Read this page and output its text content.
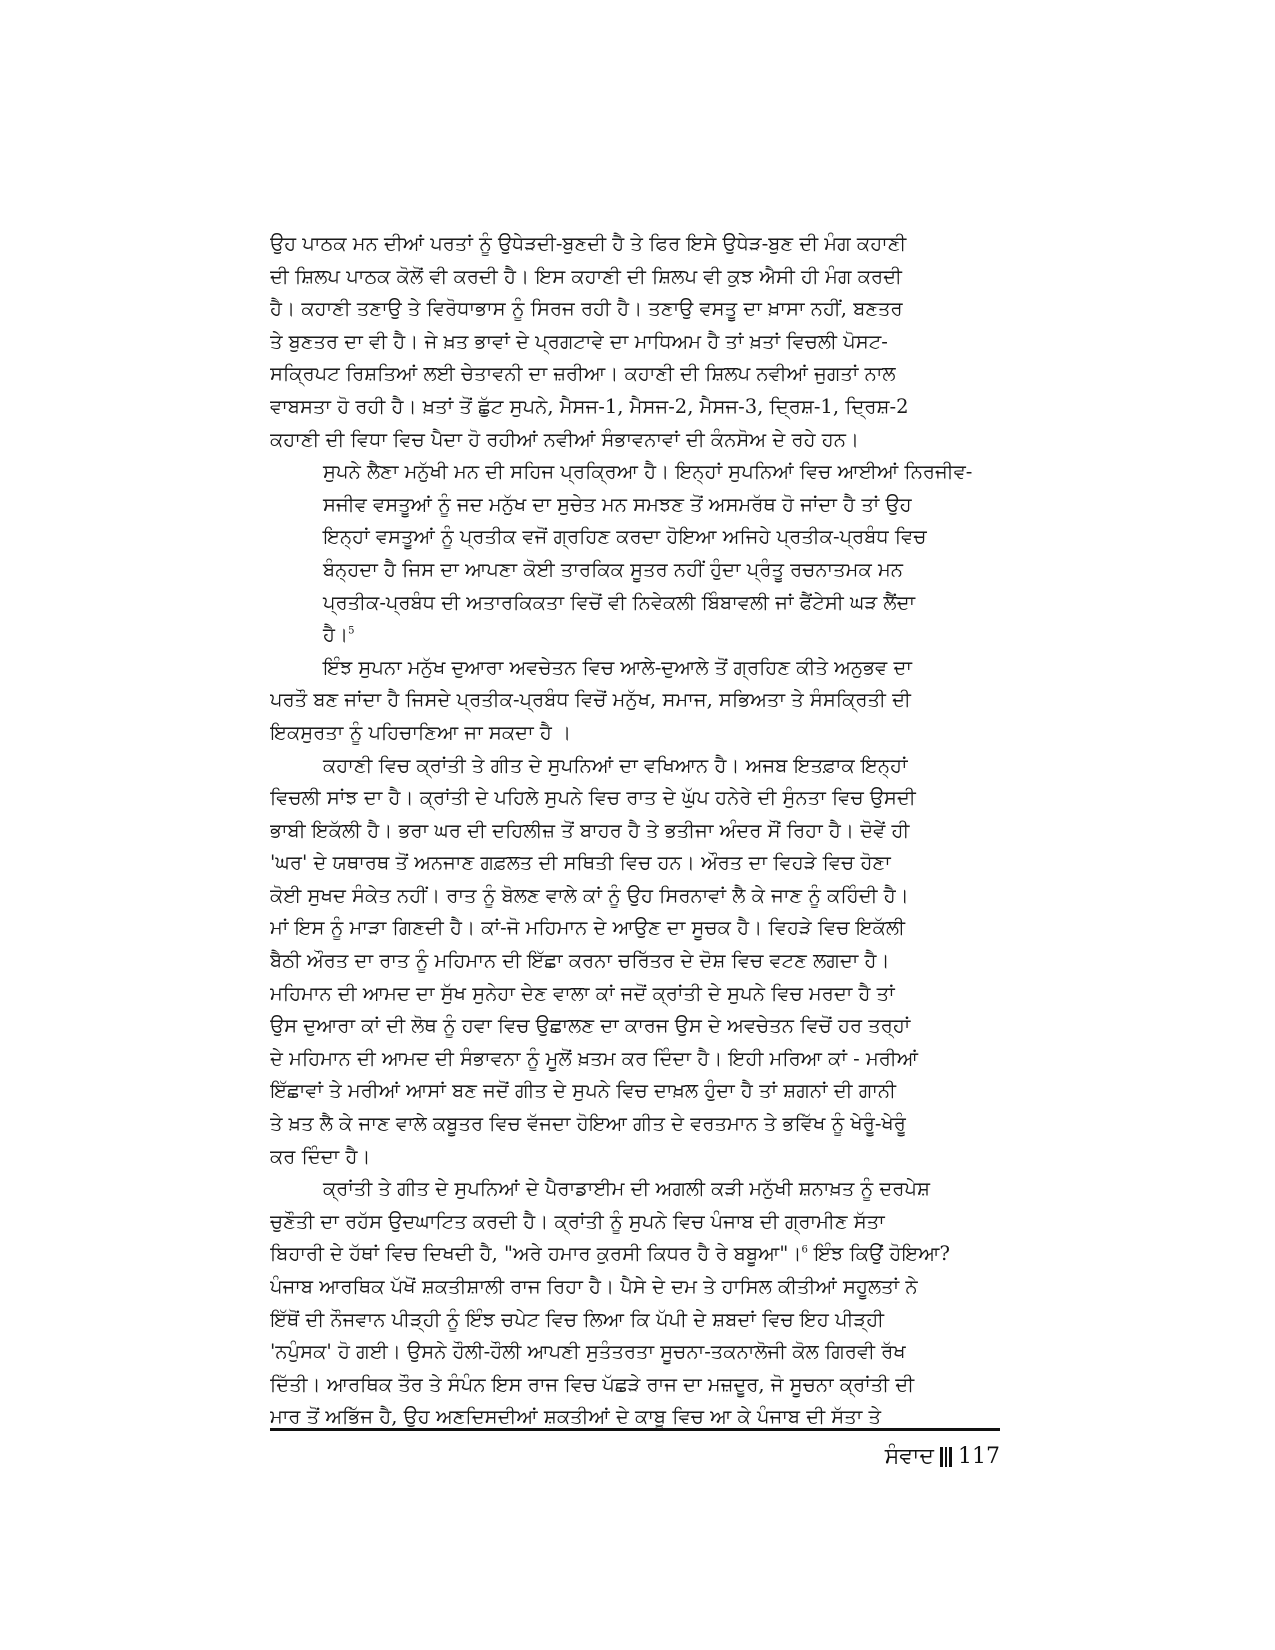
ਉਹ ਪਾਠਕ ਮਨ ਦੀਆਂ ਪਰਤਾਂ ਨੂੰ ਉਧੇੜਦੀ-ਬੁਣਦੀ ਹੈ ਤੇ ਫਿਰ ਇਸੇ ਉਧੇੜ-ਬੁਣ ਦੀ ਮੰਗ ਕਹਾਣੀ
ਦੀ ਸ਼ਿਲਪ ਪਾਠਕ ਕੋਲੋਂ ਵੀ ਕਰਦੀ ਹੈ। ਇਸ ਕਹਾਣੀ ਦੀ ਸ਼ਿਲਪ ਵੀ ਕੁਝ ਐਸੀ ਹੀ ਮੰਗ ਕਰਦੀ
ਹੈ। ਕਹਾਣੀ ਤਣਾਉ ਤੇ ਵਿਰੋਧਾਭਾਸ ਨੂੰ ਸਿਰਜ ਰਹੀ ਹੈ। ਤਣਾਉ ਵਸਤੂ ਦਾ ਖ਼ਾਸਾ ਨਹੀਂ, ਬਣਤਰ
ਤੇ ਬੁਣਤਰ ਦਾ ਵੀ ਹੈ। ਜੇ ਖ਼ਤ ਭਾਵਾਂ ਦੇ ਪ੍ਰਗਟਾਵੇ ਦਾ ਮਾਧਿਅਮ ਹੈ ਤਾਂ ਖ਼ਤਾਂ ਵਿਚਲੀ ਪੋਸਟ-
ਸਕ੍ਰਿਪਟ ਰਿਸ਼ਤਿਆਂ ਲਈ ਚੇਤਾਵਨੀ ਦਾ ਜ਼ਰੀਆ। ਕਹਾਣੀ ਦੀ ਸ਼ਿਲਪ ਨਵੀਆਂ ਜੁਗਤਾਂ ਨਾਲ
ਵਾਬਸਤਾ ਹੋ ਰਹੀ ਹੈ। ਖ਼ਤਾਂ ਤੋਂ ਛੁੱਟ ਸੁਪਨੇ, ਮੈਸਜ-1, ਮੈਸਜ-2, ਮੈਸਜ-3, ਦ੍ਰਿਸ਼-1, ਦ੍ਰਿਸ਼-2
ਕਹਾਣੀ ਦੀ ਵਿਧਾ ਵਿਚ ਪੈਦਾ ਹੋ ਰਹੀਆਂ ਨਵੀਆਂ ਸੰਭਾਵਨਾਵਾਂ ਦੀ ਕੰਨਸੋਅ ਦੇ ਰਹੇ ਹਨ।
ਸੁਪਨੇ ਲੈਣਾ ਮਨੁੱਖੀ ਮਨ ਦੀ ਸਹਿਜ ਪ੍ਰਕ੍ਰਿਆ ਹੈ। ਇਨ੍ਹਾਂ ਸੁਪਨਿਆਂ ਵਿਚ ਆਈਆਂ ਨਿਰਜੀਵ-
ਸਜੀਵ ਵਸਤੂਆਂ ਨੂੰ ਜਦ ਮਨੁੱਖ ਦਾ ਸੁਚੇਤ ਮਨ ਸਮਝਣ ਤੋਂ ਅਸਮਰੱਥ ਹੋ ਜਾਂਦਾ ਹੈ ਤਾਂ ਉਹ
ਇਨ੍ਹਾਂ ਵਸਤੂਆਂ ਨੂੰ ਪ੍ਰਤੀਕ ਵਜੋਂ ਗ੍ਰਹਿਣ ਕਰਦਾ ਹੋਇਆ ਅਜਿਹੇ ਪ੍ਰਤੀਕ-ਪ੍ਰਬੰਧ ਵਿਚ
ਬੰਨ੍ਹਦਾ ਹੈ ਜਿਸ ਦਾ ਆਪਣਾ ਕੋਈ ਤਾਰਕਿਕ ਸੂਤਰ ਨਹੀਂ ਹੁੰਦਾ ਪ੍ਰੰਤੂ ਰਚਨਾਤਮਕ ਮਨ
ਪ੍ਰਤੀਕ-ਪ੍ਰਬੰਧ ਦੀ ਅਤਾਰਕਿਕਤਾ ਵਿਚੋਂ ਵੀ ਨਿਵੇਕਲੀ ਬਿੰਬਾਵਲੀ ਜਾਂ ਫੈਂਟੇਸੀ ਘੜ ਲੈਂਦਾ
ਹੈ।$^5$
ਇੰਝ ਸੁਪਨਾ ਮਨੁੱਖ ਦੁਆਰਾ ਅਵਚੇਤਨ ਵਿਚ ਆਲੇ-ਦੁਆਲੇ ਤੋਂ ਗ੍ਰਹਿਣ ਕੀਤੇ ਅਨੁਭਵ ਦਾ
ਪਰਤੌ ਬਣ ਜਾਂਦਾ ਹੈ ਜਿਸਦੇ ਪ੍ਰਤੀਕ-ਪ੍ਰਬੰਧ ਵਿਚੋਂ ਮਨੁੱਖ, ਸਮਾਜ, ਸਭਿਅਤਾ ਤੇ ਸੰਸਕ੍ਰਿਤੀ ਦੀ
ਇਕਸੁਰਤਾ ਨੂੰ ਪਹਿਚਾਣਿਆ ਜਾ ਸਕਦਾ ਹੈ ।
ਕਹਾਣੀ ਵਿਚ ਕ੍ਰਾਂਤੀ ਤੇ ਗੀਤ ਦੇ ਸੁਪਨਿਆਂ ਦਾ ਵਖਿਆਨ ਹੈ। ਅਜਬ ਇਤਫ਼ਾਕ ਇਨ੍ਹਾਂ
ਵਿਚਲੀ ਸਾਂਝ ਦਾ ਹੈ। ਕ੍ਰਾਂਤੀ ਦੇ ਪਹਿਲੇ ਸੁਪਨੇ ਵਿਚ ਰਾਤ ਦੇ ਘੁੱਪ ਹਨੇਰੇ ਦੀ ਸੁੰਨਤਾ ਵਿਚ ਉਸਦੀ
ਭਾਬੀ ਇਕੱਲੀ ਹੈ। ਭਰਾ ਘਰ ਦੀ ਦਹਿਲੀਜ਼ ਤੋਂ ਬਾਹਰ ਹੈ ਤੇ ਭਤੀਜਾ ਅੰਦਰ ਸੌਂ ਰਿਹਾ ਹੈ। ਦੋਵੇਂ ਹੀ
'ਘਰ' ਦੇ ਯਥਾਰਥ ਤੋਂ ਅਨਜਾਣ ਗਫ਼ਲਤ ਦੀ ਸਥਿਤੀ ਵਿਚ ਹਨ। ਔਰਤ ਦਾ ਵਿਹੜੇ ਵਿਚ ਹੋਣਾ
ਕੋਈ ਸੁਖਦ ਸੰਕੇਤ ਨਹੀਂ। ਰਾਤ ਨੂੰ ਬੋਲਣ ਵਾਲੇ ਕਾਂ ਨੂੰ ਉਹ ਸਿਰਨਾਵਾਂ ਲੈ ਕੇ ਜਾਣ ਨੂੰ ਕਹਿੰਦੀ ਹੈ।
ਮਾਂ ਇਸ ਨੂੰ ਮਾੜਾ ਗਿਣਦੀ ਹੈ। ਕਾਂ-ਜੋ ਮਹਿਮਾਨ ਦੇ ਆਉਣ ਦਾ ਸੂਚਕ ਹੈ। ਵਿਹੜੇ ਵਿਚ ਇਕੱਲੀ
ਬੈਠੀ ਔਰਤ ਦਾ ਰਾਤ ਨੂੰ ਮਹਿਮਾਨ ਦੀ ਇੱਛਾ ਕਰਨਾ ਚਰਿੱਤਰ ਦੇ ਦੋਸ਼ ਵਿਚ ਵਟਣ ਲਗਦਾ ਹੈ।
ਮਹਿਮਾਨ ਦੀ ਆਮਦ ਦਾ ਸੁੱਖ ਸੁਨੇਹਾ ਦੇਣ ਵਾਲਾ ਕਾਂ ਜਦੋਂ ਕ੍ਰਾਂਤੀ ਦੇ ਸੁਪਨੇ ਵਿਚ ਮਰਦਾ ਹੈ ਤਾਂ
ਉਸ ਦੁਆਰਾ ਕਾਂ ਦੀ ਲੋਥ ਨੂੰ ਹਵਾ ਵਿਚ ਉਛਾਲਣ ਦਾ ਕਾਰਜ ਉਸ ਦੇ ਅਵਚੇਤਨ ਵਿਚੋਂ ਹਰ ਤਰ੍ਹਾਂ
ਦੇ ਮਹਿਮਾਨ ਦੀ ਆਮਦ ਦੀ ਸੰਭਾਵਨਾ ਨੂੰ ਮੂਲੋਂ ਖ਼ਤਮ ਕਰ ਦਿੰਦਾ ਹੈ। ਇਹੀ ਮਰਿਆ ਕਾਂ - ਮਰੀਆਂ
ਇੱਛਾਵਾਂ ਤੇ ਮਰੀਆਂ ਆਸਾਂ ਬਣ ਜਦੋਂ ਗੀਤ ਦੇ ਸੁਪਨੇ ਵਿਚ ਦਾਖ਼ਲ ਹੁੰਦਾ ਹੈ ਤਾਂ ਸ਼ਗਨਾਂ ਦੀ ਗਾਨੀ
ਤੇ ਖ਼ਤ ਲੈ ਕੇ ਜਾਣ ਵਾਲੇ ਕਬੂਤਰ ਵਿਚ ਵੱਜਦਾ ਹੋਇਆ ਗੀਤ ਦੇ ਵਰਤਮਾਨ ਤੇ ਭਵਿੱਖ ਨੂੰ ਖੇਰੂੰ-ਖੇਰੂੰ
ਕਰ ਦਿੰਦਾ ਹੈ।
ਕ੍ਰਾਂਤੀ ਤੇ ਗੀਤ ਦੇ ਸੁਪਨਿਆਂ ਦੇ ਪੈਰਾਡਾਈਮ ਦੀ ਅਗਲੀ ਕੜੀ ਮਨੁੱਖੀ ਸ਼ਨਾਖ਼ਤ ਨੂੰ ਦਰਪੇਸ਼
ਚੁਣੌਤੀ ਦਾ ਰਹੱਸ ਉਦਘਾਟਿਤ ਕਰਦੀ ਹੈ। ਕ੍ਰਾਂਤੀ ਨੂੰ ਸੁਪਨੇ ਵਿਚ ਪੰਜਾਬ ਦੀ ਗ੍ਰਾਮੀਣ ਸੱਤਾ
ਬਿਹਾਰੀ ਦੇ ਹੱਥਾਂ ਵਿਚ ਦਿਖਦੀ ਹੈ, "ਅਰੇ ਹਮਾਰ ਕੁਰਸੀ ਕਿਧਰ ਹੈ ਰੇ ਬਬੂਆ"।$^6$ ਇੰਝ ਕਿਉਂ ਹੋਇਆ?
ਪੰਜਾਬ ਆਰਥਿਕ ਪੱਖੋਂ ਸ਼ਕਤੀਸ਼ਾਲੀ ਰਾਜ ਰਿਹਾ ਹੈ। ਪੈਸੇ ਦੇ ਦਮ ਤੇ ਹਾਸਿਲ ਕੀਤੀਆਂ ਸਹੂਲਤਾਂ ਨੇ
ਇੱਥੋਂ ਦੀ ਨੌਜਵਾਨ ਪੀੜ੍ਹੀ ਨੂੰ ਇੰਝ ਚਪੇਟ ਵਿਚ ਲਿਆ ਕਿ ਪੱਪੀ ਦੇ ਸ਼ਬਦਾਂ ਵਿਚ ਇਹ ਪੀੜ੍ਹੀ
'ਨਪੁੰਸਕ' ਹੋ ਗਈ। ਉਸਨੇ ਹੌਲੀ-ਹੌਲੀ ਆਪਣੀ ਸੁਤੰਤਰਤਾ ਸੂਚਨਾ-ਤਕਨਾਲੋਜੀ ਕੋਲ ਗਿਰਵੀ ਰੱਖ
ਦਿੱਤੀ। ਆਰਥਿਕ ਤੌਰ ਤੇ ਸੰਪੰਨ ਇਸ ਰਾਜ ਵਿਚ ਪੱਛੜੇ ਰਾਜ ਦਾ ਮਜ਼ਦੂਰ, ਜੋ ਸੂਚਨਾ ਕ੍ਰਾਂਤੀ ਦੀ
ਮਾਰ ਤੋਂ ਅਭਿੱਜ ਹੈ, ਉਹ ਅਣਦਿਸਦੀਆਂ ਸ਼ਕਤੀਆਂ ਦੇ ਕਾਬੂ ਵਿਚ ਆ ਕੇ ਪੰਜਾਬ ਦੀ ਸੱਤਾ ਤੇ
ਸੰਵਾਦ 117
